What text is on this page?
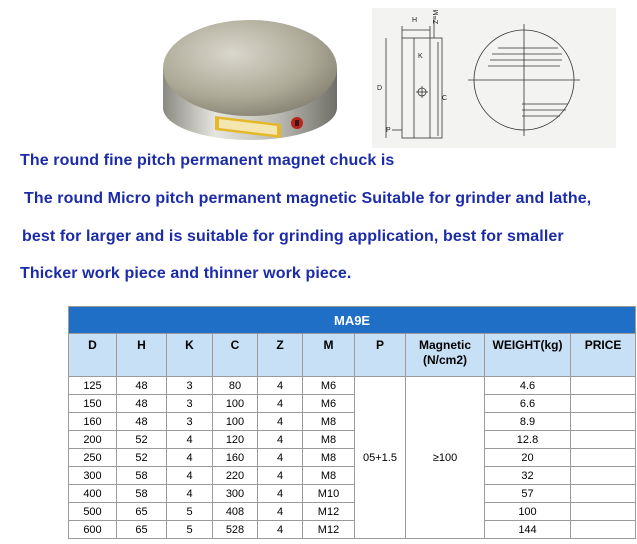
H Z~M
K
D
C
P
The round fine pitch permanent magnet chuck is
The round Micro pitch permanent magnetic Suitable for grinder and lathe,
best for larger and is suitable for grinding application, best for smaller
Thicker work piece and thinner work piece.
MA9E									
D	H	K	C	Z	M	P	Magnetic (N/cm2)	WEIGHT(kg)	PRICE
125	48	3	80	4	M6	05+1.5	≥100	4.6	
150	48	3	100	4	M6			6.6	
160	48	3	100	4	M8			8.9	
200	52	4	120	4	M8			12.8	
250	52	4	160	4	M8			20	
300	58	4	220	4	M8			32	
400	58	4	300	4	M10			57	
500	65	5	408	4	M12			100	
600	65	5	528	4	M12			144	
